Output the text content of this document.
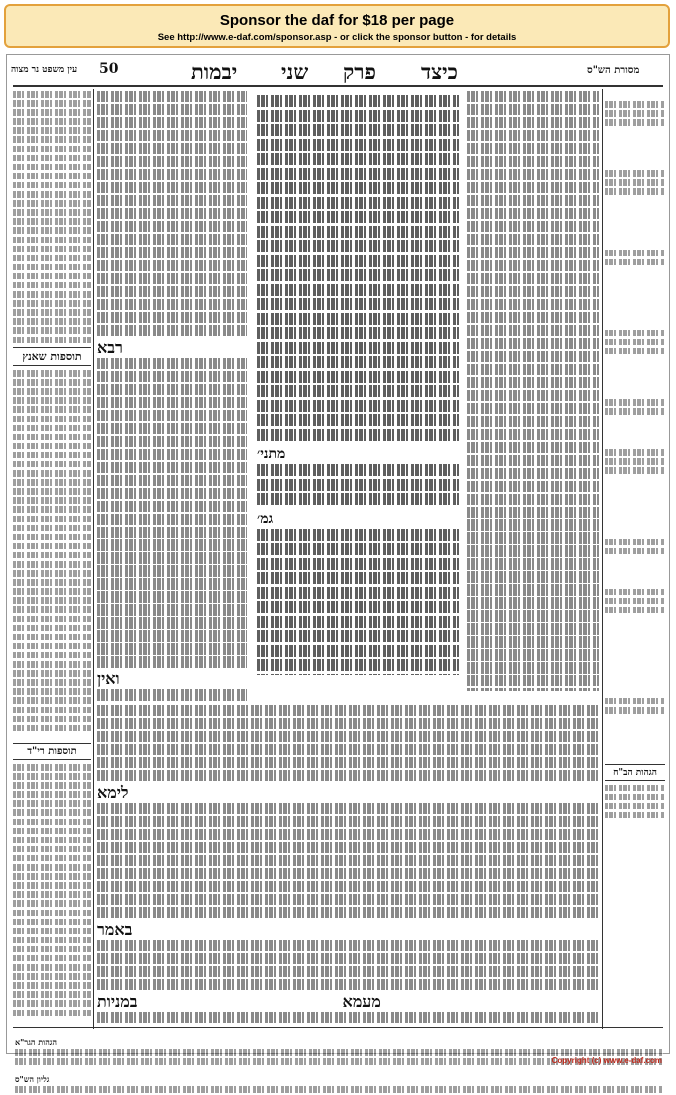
Sponsor the daf for $18 per page
See http://www.e-daf.com/sponsor.asp - or click the sponsor button - for details
עין משפט נר מצוה	50	יבמות שני פרק כיצד	מסורת הש"ס
תוספות שאנץ רבא
ואין
מתני׳
גמ׳
הגהות הב"ח
תוספות רי"ד
לימא
באמר
במניות	מעמא
הגהות הגר"א
גליון הש"ס
Copyright (c) www.e-daf.com
